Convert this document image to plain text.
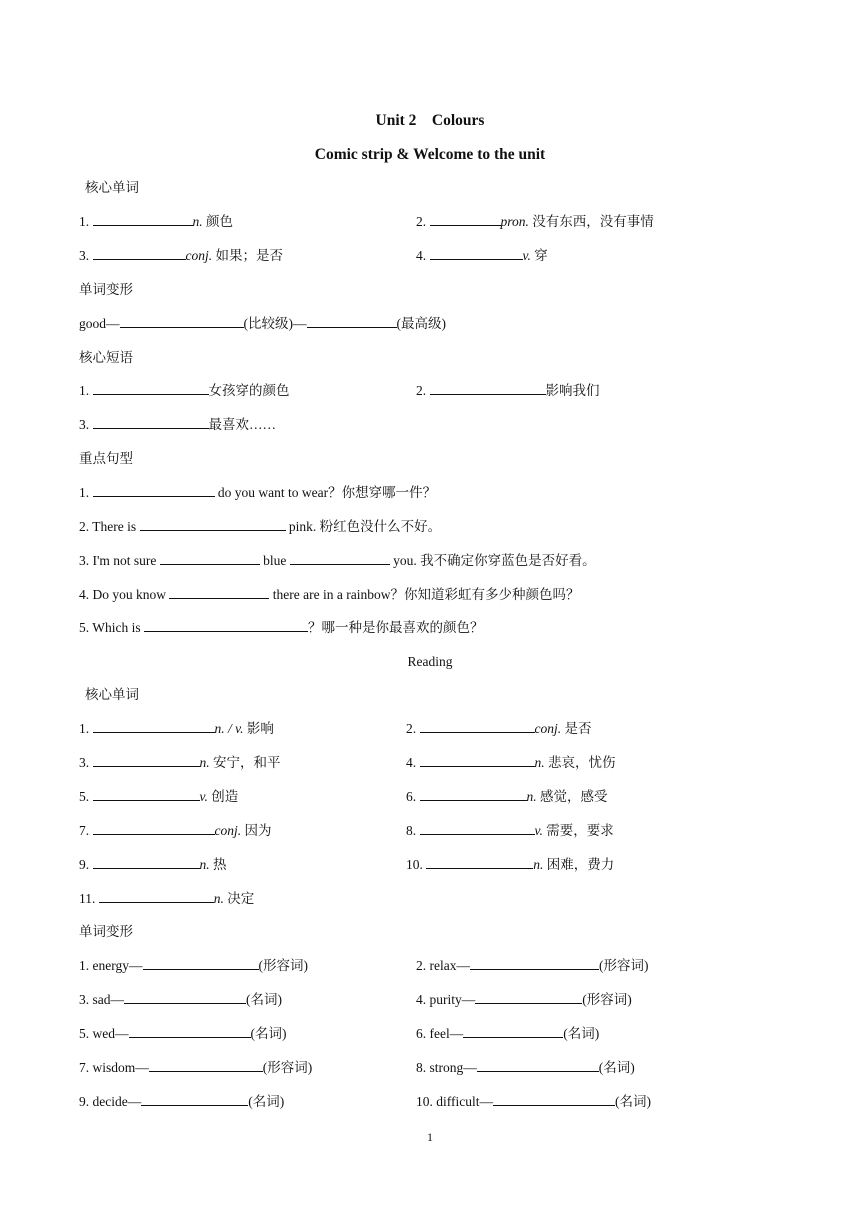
Unit 2　Colours
Comic strip & Welcome to the unit
核心单词
1.	n. 颜色	2.	pron. 没有东西，没有事情
3.	conj. 如果；是否	4.	v. 穿
单词变形
good—	(比较级)—	(最高级)
核心短语
1.	女孩穿的颜色	2.	影响我们
3.	最喜欢……
重点句型
1.	do you want to wear？你想穿哪一件？
2. There is	pink. 粉红色没什么不好。
3. I'm not sure	blue	you. 我不确定你穿蓝色是否好看。
4. Do you know	there are in a rainbow？你知道彩虹有多少种颜色吗？
5. Which is	？哪一种是你最喜欢的颜色？
Reading
核心单词
1.	n. / v. 影响	2.	conj. 是否
3.	n. 安宁，和平	4.	n. 悲哀，忧伤
5.	v. 创造	6.	n. 感觉，感受
7.	conj. 因为	8.	v. 需要，要求
9.	n. 热	10.	n. 困难，费力
11.	n. 决定
单词变形
1. energy—	(形容词)	2. relax—	(形容词)
3. sad—	(名词)	4. purity—	(形容词)
5. wed—	(名词)	6. feel—	(名词)
7. wisdom—	(形容词)	8. strong—	(名词)
9. decide—	(名词)	10. difficult—	(名词)
1
